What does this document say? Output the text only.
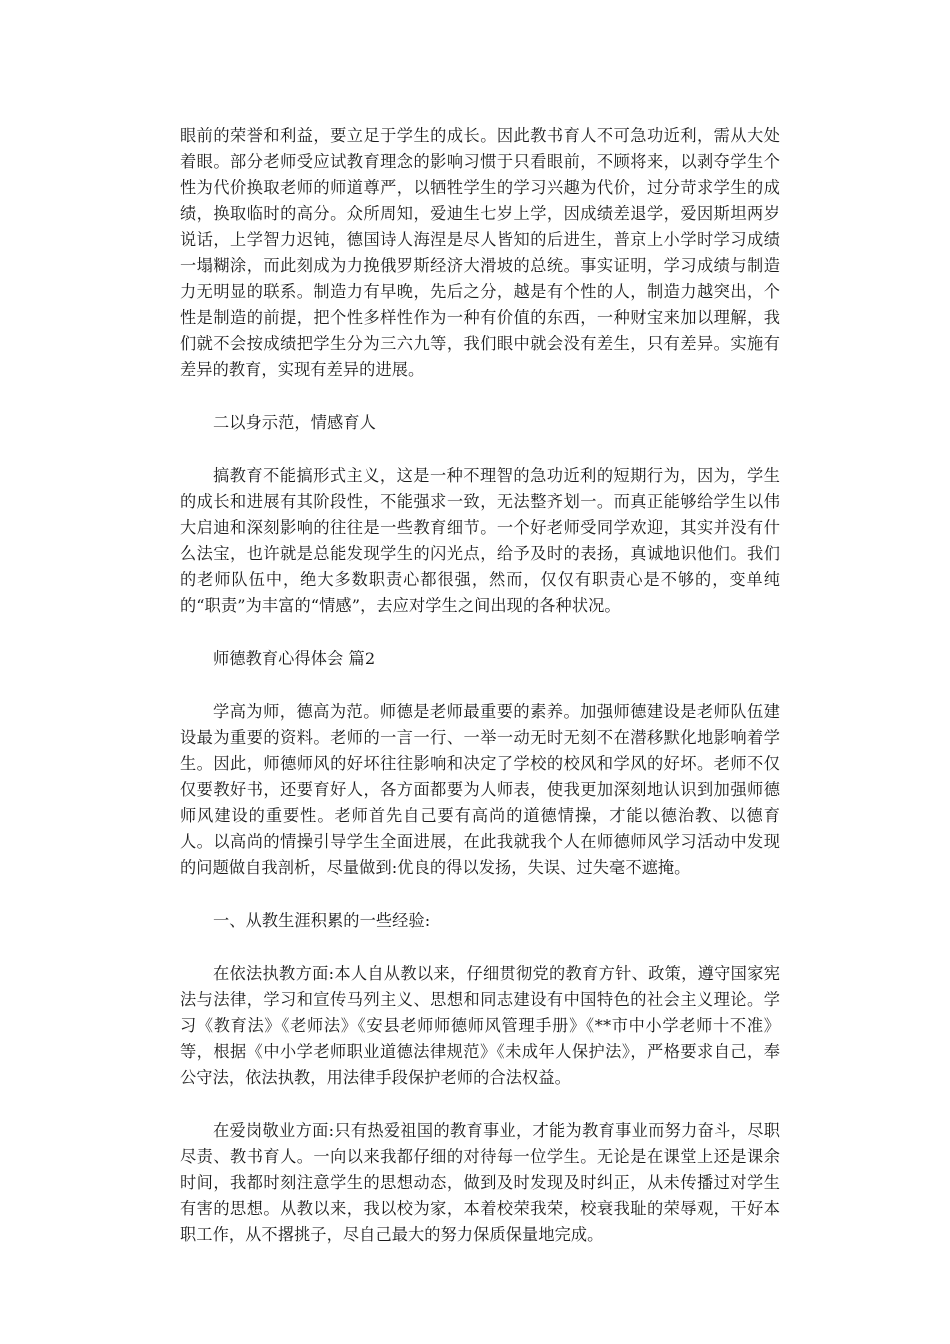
眼前的荣誉和利益，要立足于学生的成长。因此教书育人不可急功近利，需从大处着眼。部分老师受应试教育理念的影响习惯于只看眼前，不顾将来，以剥夺学生个性为代价换取老师的师道尊严，以牺牲学生的学习兴趣为代价，过分苛求学生的成绩，换取临时的高分。众所周知，爱迪生七岁上学，因成绩差退学，爱因斯坦两岁说话，上学智力迟钝，德国诗人海涅是尽人皆知的后进生，普京上小学时学习成绩一塌糊涂，而此刻成为力挽俄罗斯经济大滑坡的总统。事实证明，学习成绩与制造力无明显的联系。制造力有早晚，先后之分，越是有个性的人，制造力越突出，个性是制造的前提，把个性多样性作为一种有价值的东西，一种财宝来加以理解，我们就不会按成绩把学生分为三六九等，我们眼中就会没有差生，只有差异。实施有差异的教育，实现有差异的进展。

二以身示范，情感育人

搞教育不能搞形式主义，这是一种不理智的急功近利的短期行为，因为，学生的成长和进展有其阶段性，不能强求一致，无法整齐划一。而真正能够给学生以伟大启迪和深刻影响的往往是一些教育细节。一个好老师受同学欢迎，其实并没有什么法宝，也许就是总能发现学生的闪光点，给予及时的表扬，真诚地识他们。我们的老师队伍中，绝大多数职责心都很强，然而，仅仅有职责心是不够的，变单纯的“职责”为丰富的“情感”，去应对学生之间出现的各种状况。

师德教育心得体会 篇2

学高为师，德高为范。师德是老师最重要的素养。加强师德建设是老师队伍建设最为重要的资料。老师的一言一行、一举一动无时无刻不在潜移默化地影响着学生。因此，师德师风的好坏往往影响和决定了学校的校风和学风的好坏。老师不仅仅要教好书，还要育好人，各方面都要为人师表，使我更加深刻地认识到加强师德师风建设的重要性。老师首先自己要有高尚的道德情操，才能以德治教、以德育人。以高尚的情操引导学生全面进展，在此我就我个人在师德师风学习活动中发现的问题做自我剖析，尽量做到:优良的得以发扬，失误、过失毫不遮掩。

一、从教生涯积累的一些经验:

在依法执教方面:本人自从教以来，仔细贯彻党的教育方针、政策，遵守国家宪法与法律，学习和宣传马列主义、思想和同志建设有中国特色的社会主义理论。学习《教育法》《老师法》《安县老师师德师风管理手册》《**市中小学老师十不准》等，根据《中小学老师职业道德法律规范》《未成年人保护法》，严格要求自己，奉公守法，依法执教，用法律手段保护老师的合法权益。

在爱岗敬业方面:只有热爱祖国的教育事业，才能为教育事业而努力奋斗，尽职尽责、教书育人。一向以来我都仔细的对待每一位学生。无论是在课堂上还是课余时间，我都时刻注意学生的思想动态，做到及时发现及时纠正，从未传播过对学生有害的思想。从教以来，我以校为家，本着校荣我荣，校衰我耻的荣辱观，干好本职工作，从不撂挑子，尽自己最大的努力保质保量地完成。
